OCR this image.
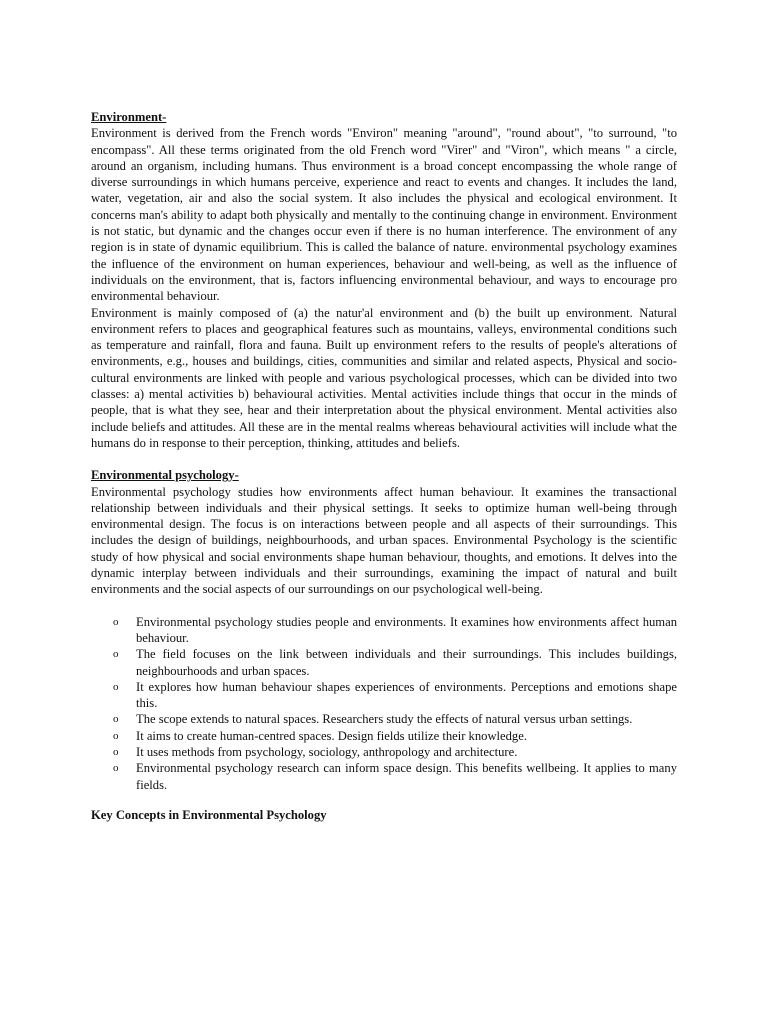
Environment-

Environment is derived from the French words "Environ" meaning "around", "round about", "to surround, "to encompass". All these terms originated from the old French word "Virer" and "Viron", which means " a circle, around an organism, including humans. Thus environment is a broad concept encompassing the whole range of diverse surroundings in which humans perceive, experience and react to events and changes. It includes the land, water, vegetation, air and also the social system. It also includes the physical and ecological environment. It concerns man's ability to adapt both physically and mentally to the continuing change in environment. Environment is not static, but dynamic and the changes occur even if there is no human interference. The environment of any region is in state of dynamic equilibrium. This is called the balance of nature. environmental psychology examines the influence of the environment on human experiences, behaviour and well-being, as well as the influence of individuals on the environment, that is, factors influencing environmental behaviour, and ways to encourage pro environmental behaviour.

Environment is mainly composed of (a) the natur'al environment and (b) the built up environment. Natural environment refers to places and geographical features such as mountains, valleys, environmental conditions such as temperature and rainfall, flora and fauna. Built up environment refers to the results of people's alterations of environments, e.g., houses and buildings, cities, communities and similar and related aspects, Physical and socio-cultural environments are linked with people and various psychological processes, which can be divided into two classes: a) mental activities b) behavioural activities. Mental activities include things that occur in the minds of people, that is what they see, hear and their interpretation about the physical environment. Mental activities also include beliefs and attitudes. All these are in the mental realms whereas behavioural activities will include what the humans do in response to their perception, thinking, attitudes and beliefs.

Environmental psychology-

Environmental psychology studies how environments affect human behaviour. It examines the transactional relationship between individuals and their physical settings. It seeks to optimize human well-being through environmental design. The focus is on interactions between people and all aspects of their surroundings. This includes the design of buildings, neighbourhoods, and urban spaces. Environmental Psychology is the scientific study of how physical and social environments shape human behaviour, thoughts, and emotions. It delves into the dynamic interplay between individuals and their surroundings, examining the impact of natural and built environments and the social aspects of our surroundings on our psychological well-being.

o Environmental psychology studies people and environments. It examines how environments affect human behaviour.
o The field focuses on the link between individuals and their surroundings. This includes buildings, neighbourhoods and urban spaces.
o It explores how human behaviour shapes experiences of environments. Perceptions and emotions shape this.
o The scope extends to natural spaces. Researchers study the effects of natural versus urban settings.
o It aims to create human-centred spaces. Design fields utilize their knowledge.
o It uses methods from psychology, sociology, anthropology and architecture.
o Environmental psychology research can inform space design. This benefits wellbeing. It applies to many fields.
Key Concepts in Environmental Psychology
